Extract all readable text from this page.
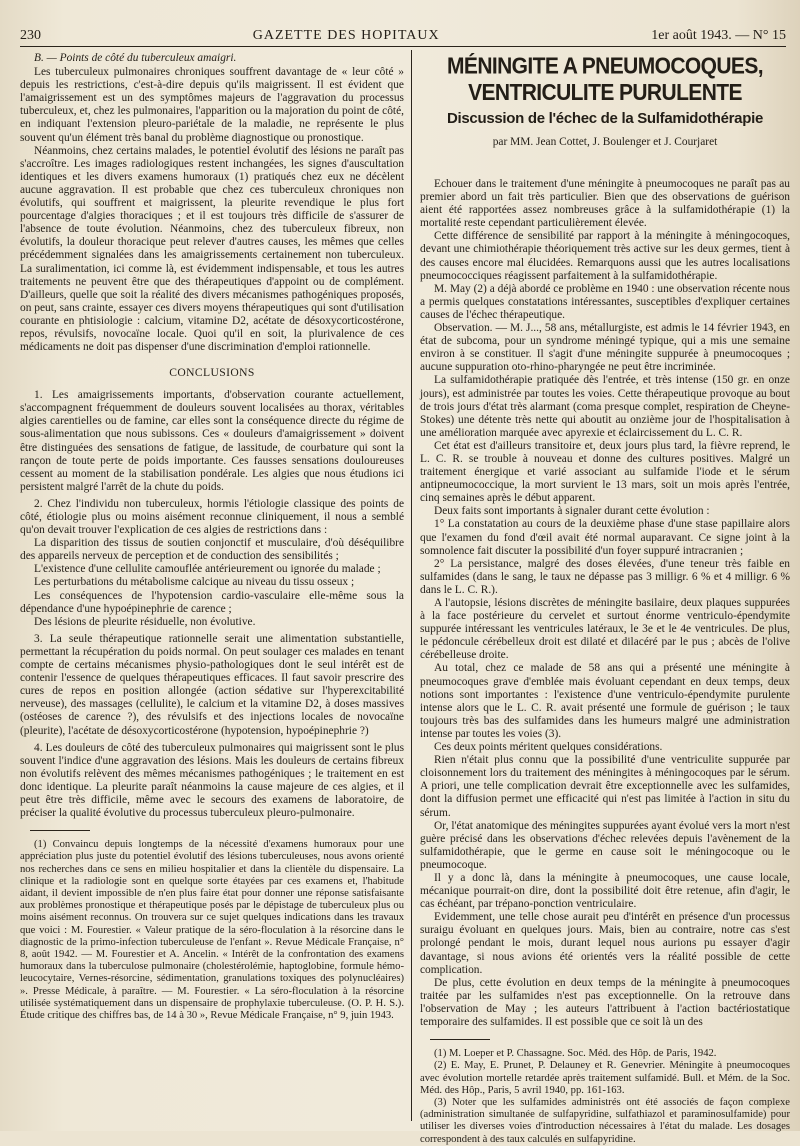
230	GAZETTE DES HOPITAUX	1er août 1943. — N° 15

B. — Points de côté du tuberculeux amaigri.

Les tuberculeux pulmonaires chroniques souffrent davantage de « leur côté » depuis les restrictions, c'est-à-dire depuis qu'ils maigrissent. Il est évident que l'amaigrissement est un des symptômes majeurs de l'aggravation du processus tuberculeux, et, chez les pulmonaires, l'apparition ou la majoration du point de côté, en indiquant l'extension pleuro-pariétale de la maladie, ne représente le plus souvent qu'un élément très banal du problème diagnostique ou pronostique.

Néanmoins, chez certains malades, le potentiel évolutif des lésions ne paraît pas s'accroître. Les images radiologiques restent inchangées, les signes d'auscultation identiques et les divers examens humoraux (1) pratiqués chez eux ne décèlent aucune aggravation. Il est probable que chez ces tuberculeux chroniques non évolutifs, qui souffrent et maigrissent, la pleurite revendique le plus fort pourcentage d'algies thoraciques ; et il est toujours très difficile de s'assurer de l'absence de toute évolution. Néanmoins, chez des tuberculeux fibreux, non évolutifs, la douleur thoracique peut relever d'autres causes, les mêmes que celles précédemment signalées dans les amaigrissements certainement non tuberculeux. La suralimentation, ici comme là, est évidemment indispensable, et tous les autres traitements ne peuvent être que des thérapeutiques d'appoint ou de complément. D'ailleurs, quelle que soit la réalité des divers mécanismes pathogéniques proposés, on peut, sans crainte, essayer ces divers moyens thérapeutiques qui sont d'utilisation courante en phtisiologie : calcium, vitamine D2, acétate de désoxycorticostérone, repos, révulsifs, novocaïne locale. Quoi qu'il en soit, la plurivalence de ces médicaments ne doit pas dispenser d'une discrimination d'emploi rationnelle.

CONCLUSIONS

1. Les amaigrissements importants, d'observation courante actuellement, s'accompagnent fréquemment de douleurs souvent localisées au thorax, véritables algies carentielles ou de famine, car elles sont la conséquence directe du régime de sous-alimentation que nous subissons. Ces « douleurs d'amaigrissement » doivent être distinguées des sensations de fatigue, de lassitude, de courbature qui sont la rançon de toute perte de poids importante. Ces fausses sensations douloureuses cessent au moment de la stabilisation pondérale. Les algies que nous étudions ici persistent malgré l'arrêt de la chute du poids.

2. Chez l'individu non tuberculeux, hormis l'étiologie classique des points de côté, étiologie plus ou moins aisément reconnue cliniquement, il nous a semblé qu'on devait trouver l'explication de ces algies de restrictions dans :

La disparition des tissus de soutien conjonctif et musculaire, d'où déséquilibre des appareils nerveux de perception et de conduction des sensibilités ;

L'existence d'une cellulite camouflée antérieurement ou ignorée du malade ;

Les perturbations du métabolisme calcique au niveau du tissu osseux ;

Les conséquences de l'hypotension cardio-vasculaire elle-même sous la dépendance d'une hypoépinephrie de carence ;

Des lésions de pleurite résiduelle, non évolutive.

3. La seule thérapeutique rationnelle serait une alimentation substantielle, permettant la récupération du poids normal. On peut soulager ces malades en tenant compte de certains mécanismes physio-pathologiques dont le seul intérêt est de contenir l'essence de quelques thérapeutiques efficaces. Il faut savoir prescrire des cures de repos en position allongée (action sédative sur l'hyperexcitabilité nerveuse), des massages (cellulite), le calcium et la vitamine D2, à doses massives (ostéoses de carence ?), des révulsifs et des injections locales de novocaïne (pleurite), l'acétate de désoxycorticostérone (hypotension, hypoépinephrie ?)

4. Les douleurs de côté des tuberculeux pulmonaires qui maigrissent sont le plus souvent l'indice d'une aggravation des lésions. Mais les douleurs de certains fibreux non évolutifs relèvent des mêmes mécanismes pathogéniques ; le traitement en est donc identique. La pleurite paraît néanmoins la cause majeure de ces algies, et il peut être très difficile, même avec le secours des examens de laboratoire, de préciser la qualité évolutive du processus tuberculeux pleuro-pulmonaire.

(1) Convaincu depuis longtemps de la nécessité d'examens humoraux pour une appréciation plus juste du potentiel évolutif des lésions tuberculeuses, nous avons orienté nos recherches dans ce sens en milieu hospitalier et dans la clientèle du dispensaire. La clinique et la radiologie sont en quelque sorte étayées par ces examens et, l'habitude aidant, il devient impossible de n'en plus faire état pour donner une réponse satisfaisante aux problèmes pronostique et thérapeutique posés par le dépistage de tuberculeux plus ou moins aisément reconnus. On trouvera sur ce sujet quelques indications dans les travaux que voici : M. Fourestier. « Valeur pratique de la séro-floculation à la résorcine dans le diagnostic de la primo-infection tuberculeuse de l'enfant ». Revue Médicale Française, n° 8, août 1942. — M. Fourestier et A. Ancelin. « Intérêt de la confrontation des examens humoraux dans la tuberculose pulmonaire (cholestérolémie, haptoglobine, formule hémo-leucocytaire, Vernes-résorcine, sédimentation, granulations toxiques des polynucléaires) ». Presse Médicale, à paraître. — M. Fourestier. « La séro-floculation à la résorcine utilisée systématiquement dans un dispensaire de prophylaxie tuberculeuse. (O. P. H. S.). Étude critique des chiffres bas, de 14 à 30 », Revue Médicale Française, n° 9, juin 1943.

MÉNINGITE A PNEUMOCOQUES, VENTRICULITE PURULENTE
Discussion de l'échec de la Sulfamidothérapie
par MM. Jean Cottet, J. Boulenger et J. Courjaret

Echouer dans le traitement d'une méningite à pneumocoques ne paraît pas au premier abord un fait très particulier. Bien que des observations de guérison aient été rapportées assez nombreuses grâce à la sulfamidothérapie (1) la mortalité reste cependant particulièrement élevée.

Cette différence de sensibilité par rapport à la méningite à méningocoques, devant une chimiothérapie théoriquement très active sur les deux germes, tient à des causes encore mal élucidées. Remarquons aussi que les autres localisations pneumococciques réagissent parfaitement à la sulfamidothérapie.

M. May (2) a déjà abordé ce problème en 1940 : une observation récente nous a permis quelques constatations intéressantes, susceptibles d'expliquer certaines causes de l'échec thérapeutique.

Observation. — M. J..., 58 ans, métallurgiste, est admis le 14 février 1943, en état de subcoma, pour un syndrome méningé typique, qui a mis une semaine environ à se constituer. Il s'agit d'une méningite suppurée à pneumocoques ; aucune suppuration oto-rhino-pharyngée ne peut être incriminée.

La sulfamidothérapie pratiquée dès l'entrée, et très intense (150 gr. en onze jours), est administrée par toutes les voies. Cette thérapeutique provoque au bout de trois jours d'état très alarmant (coma presque complet, respiration de Cheyne-Stokes) une détente très nette qui aboutit au onzième jour de l'hospitalisation à une amélioration marquée avec apyrexie et éclaircissement du L. C. R.

Cet état est d'ailleurs transitoire et, deux jours plus tard, la fièvre reprend, le L. C. R. se trouble à nouveau et donne des cultures positives. Malgré un traitement énergique et varié associant au sulfamide l'iode et le sérum antipneumococcique, la mort survient le 13 mars, soit un mois après l'entrée, cinq semaines après le début apparent.

Deux faits sont importants à signaler durant cette évolution :

1° La constatation au cours de la deuxième phase d'une stase papillaire alors que l'examen du fond d'œil avait été normal auparavant. Ce signe joint à la somnolence fait discuter la possibilité d'un foyer suppuré intracranien ;

2° La persistance, malgré des doses élevées, d'une teneur très faible en sulfamides (dans le sang, le taux ne dépasse pas 3 milligr. 6 % et 4 milligr. 6 % dans le L. C. R.).

A l'autopsie, lésions discrètes de méningite basilaire, deux plaques suppurées à la face postérieure du cervelet et surtout énorme ventriculo-épendymite suppurée intéressant les ventricules latéraux, le 3e et le 4e ventricules. De plus, le pédoncule cérébelleux droit est dilaté et dilacéré par le pus ; abcès de l'olive cérébelleuse droite.

Au total, chez ce malade de 58 ans qui a présenté une méningite à pneumocoques grave d'emblée mais évoluant cependant en deux temps, deux notions sont importantes : l'existence d'une ventriculo-épendymite purulente intense alors que le L. C. R. avait présenté une formule de guérison ; le taux toujours très bas des sulfamides dans les humeurs malgré une administration intense par toutes les voies (3).

Ces deux points méritent quelques considérations.

Rien n'était plus connu que la possibilité d'une ventriculite suppurée par cloisonnement lors du traitement des méningites à méningocoques par le sérum. A priori, une telle complication devrait être exceptionnelle avec les sulfamides, dont la diffusion permet une efficacité qui n'est pas limitée à l'action in situ du sérum.

Or, l'état anatomique des méningites suppurées ayant évolué vers la mort n'est guère précisé dans les observations d'échec relevées depuis l'avènement de la sulfamidothérapie, que le germe en cause soit le méningocoque ou le pneumocoque.

Il y a donc là, dans la méningite à pneumocoques, une cause locale, mécanique pourrait-on dire, dont la possibilité doit être retenue, afin d'agir, le cas échéant, par trépano-ponction ventriculaire.

Evidemment, une telle chose aurait peu d'intérêt en présence d'un processus suraigu évoluant en quelques jours. Mais, bien au contraire, notre cas s'est prolongé pendant le mois, durant lequel nous aurions pu essayer d'agir davantage, si nous avions été orientés vers la réalité possible de cette complication.

De plus, cette évolution en deux temps de la méningite à pneumocoques traitée par les sulfamides n'est pas exceptionnelle. On la retrouve dans l'observation de May ; les auteurs l'attribuent à l'action bactériostatique temporaire des sulfamides. Il est possible que ce soit là un des

(1) M. Loeper et P. Chassagne. Soc. Méd. des Hôp. de Paris, 1942.

(2) E. May, E. Prunet, P. Delauney et R. Genevrier. Méningite à pneumocoques avec évolution mortelle retardée après traitement sulfamidé. Bull. et Mém. de la Soc. Méd. des Hôp., Paris, 5 avril 1940, pp. 161-163.

(3) Noter que les sulfamides administrés ont été associés de façon complexe (administration simultanée de sulfapyridine, sulfathiazol et paraminosulfamide) pour utiliser les diverses voies d'introduction nécessaires à l'état du malade. Les dosages correspondent à des taux calculés en sulfapyridine.
